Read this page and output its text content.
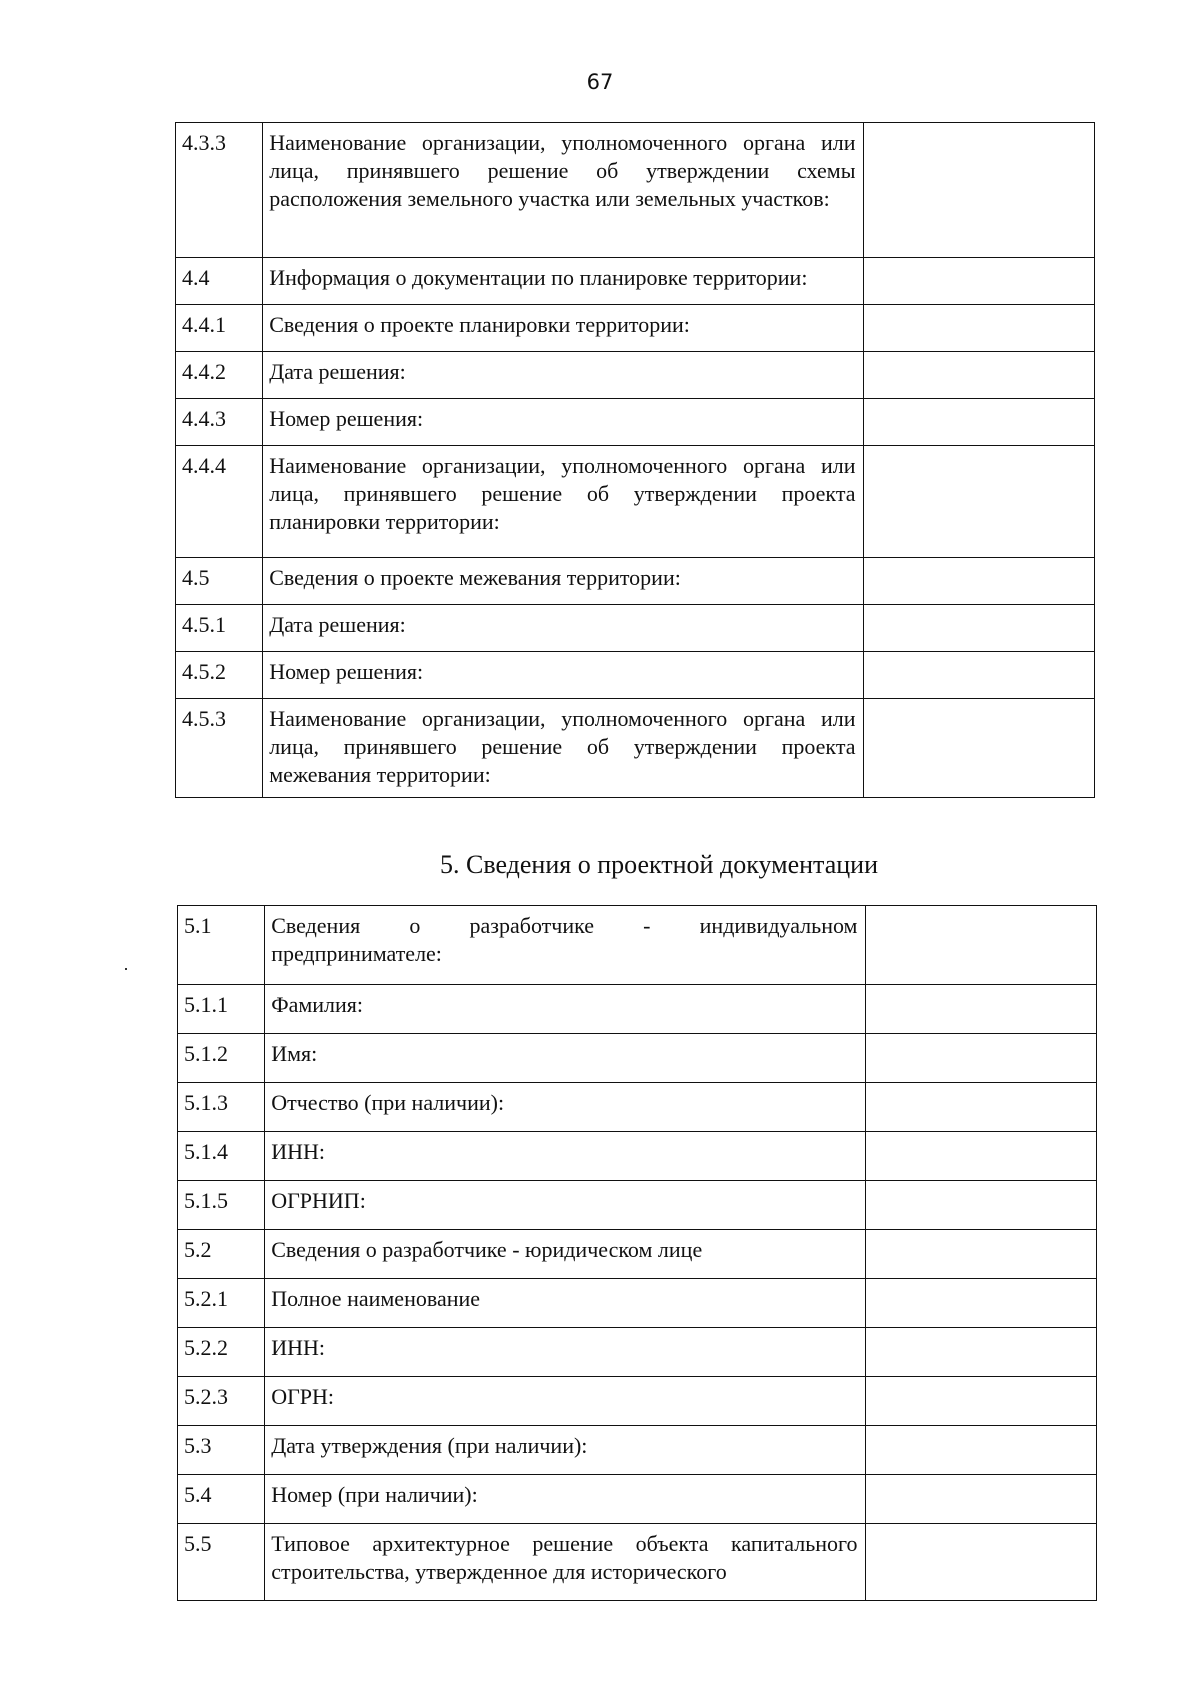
67
4.3.3	Наименование организации, уполномоченного органа или лица, принявшего решение об утверждении схемы расположения земельного участка или земельных участков:	
4.4	Информация о документации по планировке территории:	
4.4.1	Сведения о проекте планировки территории:	
4.4.2	Дата решения:	
4.4.3	Номер решения:	
4.4.4	Наименование организации, уполномоченного органа или лица, принявшего решение об утверждении проекта планировки территории:	
4.5	Сведения о проекте межевания территории:	
4.5.1	Дата решения:	
4.5.2	Номер решения:	
4.5.3	Наименование организации, уполномоченного органа или лица, принявшего решение об утверждении проекта межевания территории:	
5. Сведения о проектной документации
5.1	Сведения о разработчике - индивидуальном предпринимателе:	
5.1.1	Фамилия:	
5.1.2	Имя:	
5.1.3	Отчество (при наличии):	
5.1.4	ИНН:	
5.1.5	ОГРНИП:	
5.2	Сведения о разработчике - юридическом лице	
5.2.1	Полное наименование	
5.2.2	ИНН:	
5.2.3	ОГРН:	
5.3	Дата утверждения (при наличии):	
5.4	Номер (при наличии):	
5.5	Типовое архитектурное решение объекта капитального строительства, утвержденное для исторического	
